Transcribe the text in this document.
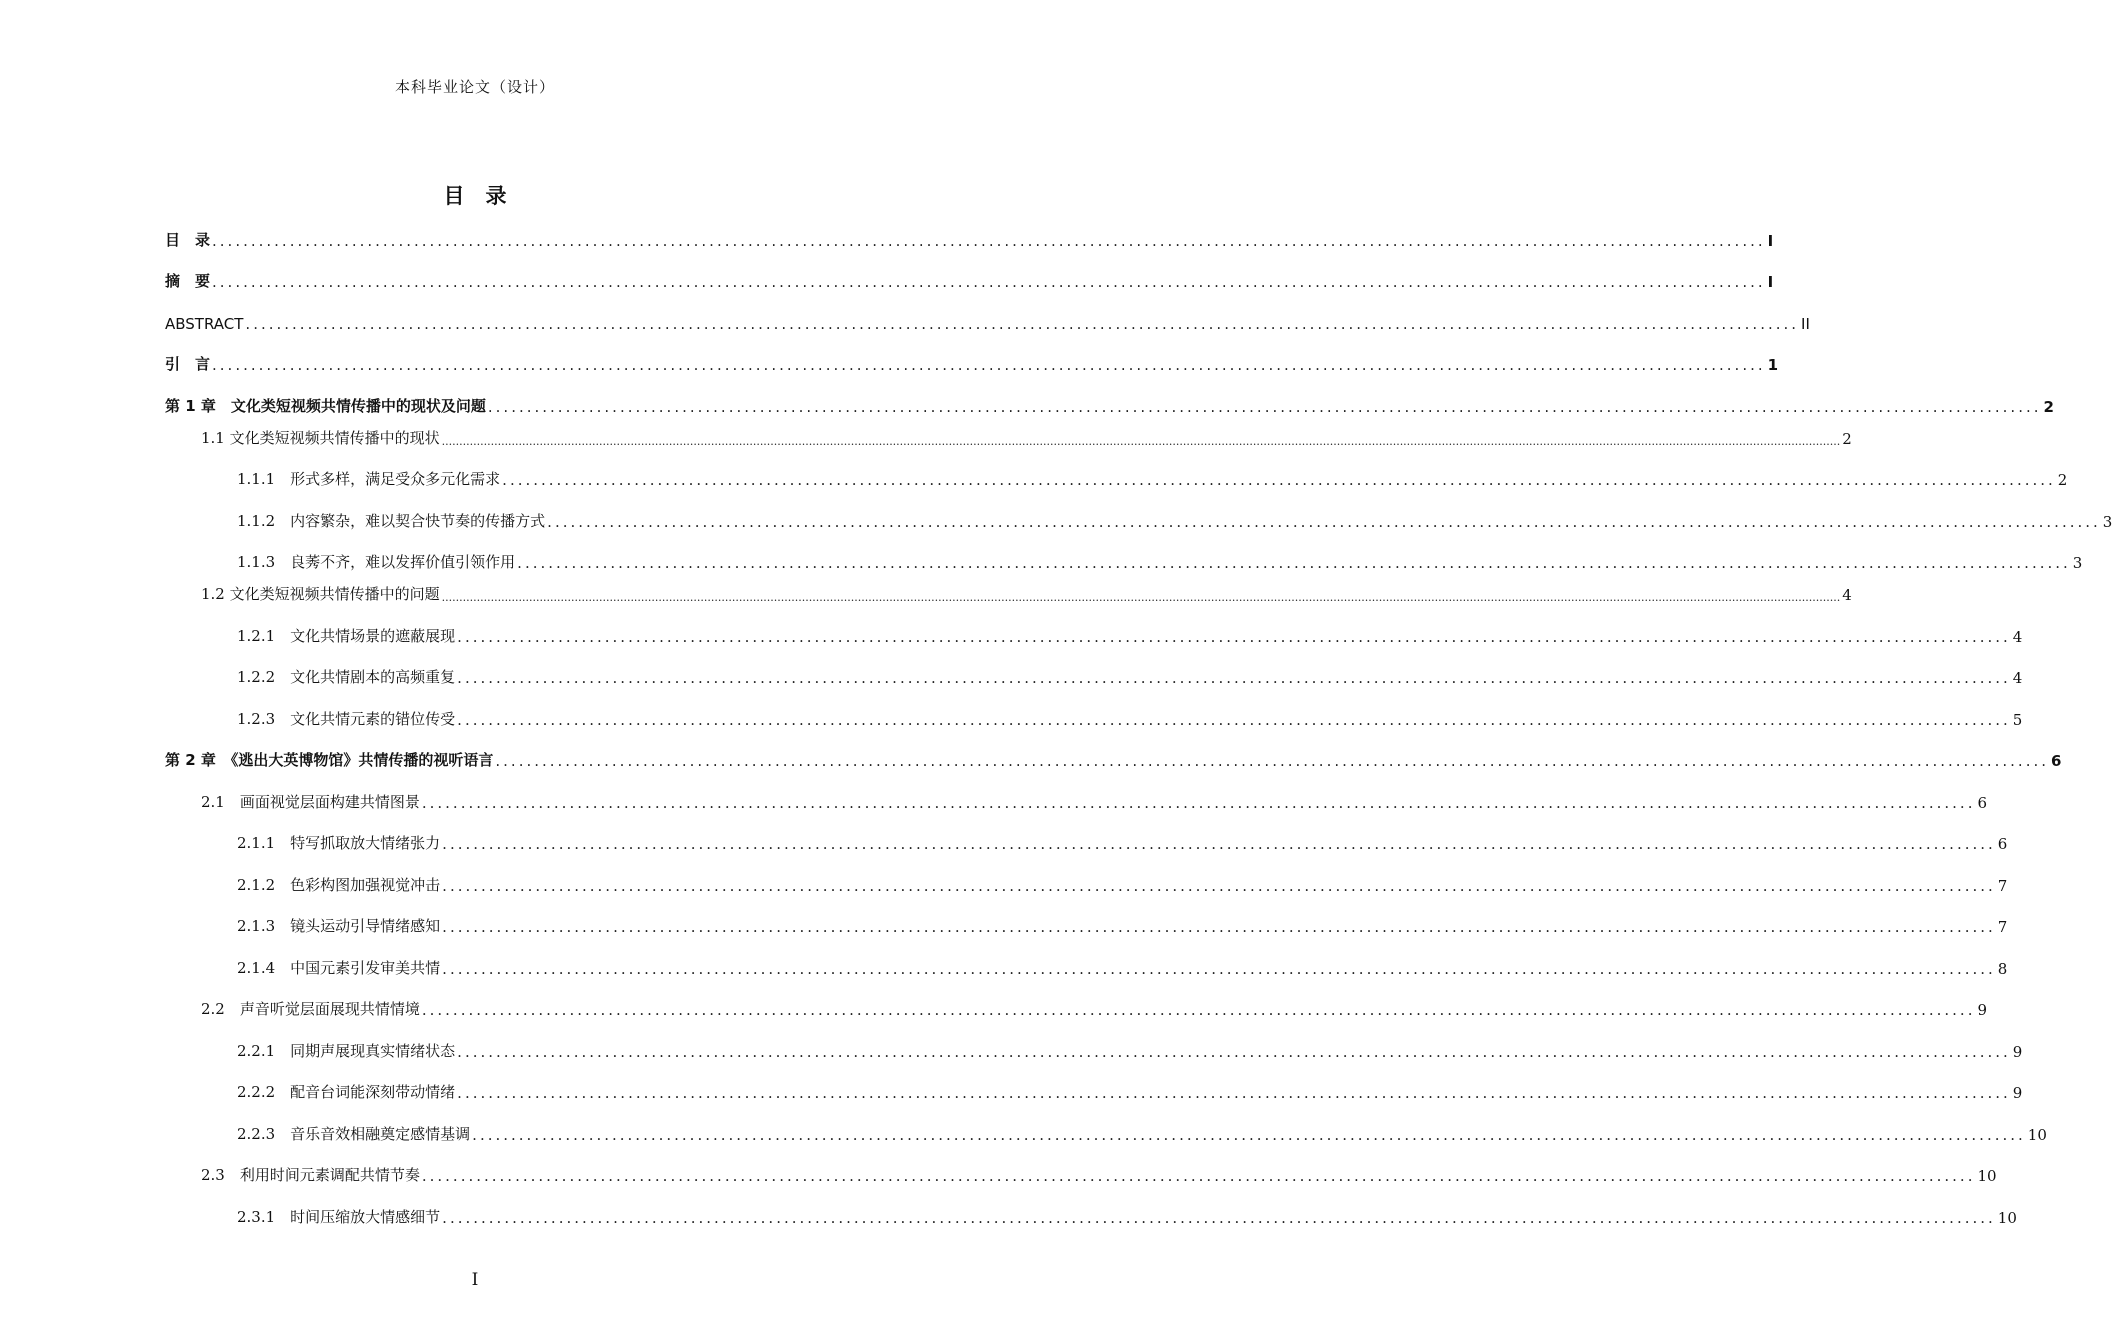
本科毕业论文（设计）
目　录
目　录 ........................................................................................................................................................................................................ I
摘　要 ........................................................................................................................................................................................................ I
ABSTRACT ........................................................................................................................................................................................................ II
引　言 ........................................................................................................................................................................................................ 1
第 1 章　文化类短视频共情传播中的现状及问题 ........................................................................................................................................................................................................ 2
1.1 文化类短视频共情传播中的现状 ................................................................................................................................................................................................................................................................................................................................................................................................................ 2
1.1.1　形式多样，满足受众多元化需求 ........................................................................................................................................................................................................ 2
1.1.2　内容繁杂，难以契合快节奏的传播方式 ........................................................................................................................................................................................................ 3
1.1.3　良莠不齐，难以发挥价值引领作用 ........................................................................................................................................................................................................ 3
1.2 文化类短视频共情传播中的问题 ................................................................................................................................................................................................................................................................................................................................................................................................................ 4
1.2.1　文化共情场景的遮蔽展现 ........................................................................................................................................................................................................ 4
1.2.2　文化共情剧本的高频重复 ........................................................................................................................................................................................................ 4
1.2.3　文化共情元素的错位传受 ........................................................................................................................................................................................................ 5
第 2 章　《逃出大英博物馆》共情传播的视听语言 ........................................................................................................................................................................................................ 6
2.1　画面视觉层面构建共情图景 ........................................................................................................................................................................................................ 6
2.1.1　特写抓取放大情绪张力 ........................................................................................................................................................................................................ 6
2.1.2　色彩构图加强视觉冲击 ........................................................................................................................................................................................................ 7
2.1.3　镜头运动引导情绪感知 ........................................................................................................................................................................................................ 7
2.1.4　中国元素引发审美共情 ........................................................................................................................................................................................................ 8
2.2　声音听觉层面展现共情情境 ........................................................................................................................................................................................................ 9
2.2.1　同期声展现真实情绪状态 ........................................................................................................................................................................................................ 9
2.2.2　配音台词能深刻带动情绪 ........................................................................................................................................................................................................ 9
2.2.3　音乐音效相融奠定感情基调 ........................................................................................................................................................................................................ 10
2.3　利用时间元素调配共情节奏 ........................................................................................................................................................................................................ 10
2.3.1　时间压缩放大情感细节 ........................................................................................................................................................................................................ 10
I
